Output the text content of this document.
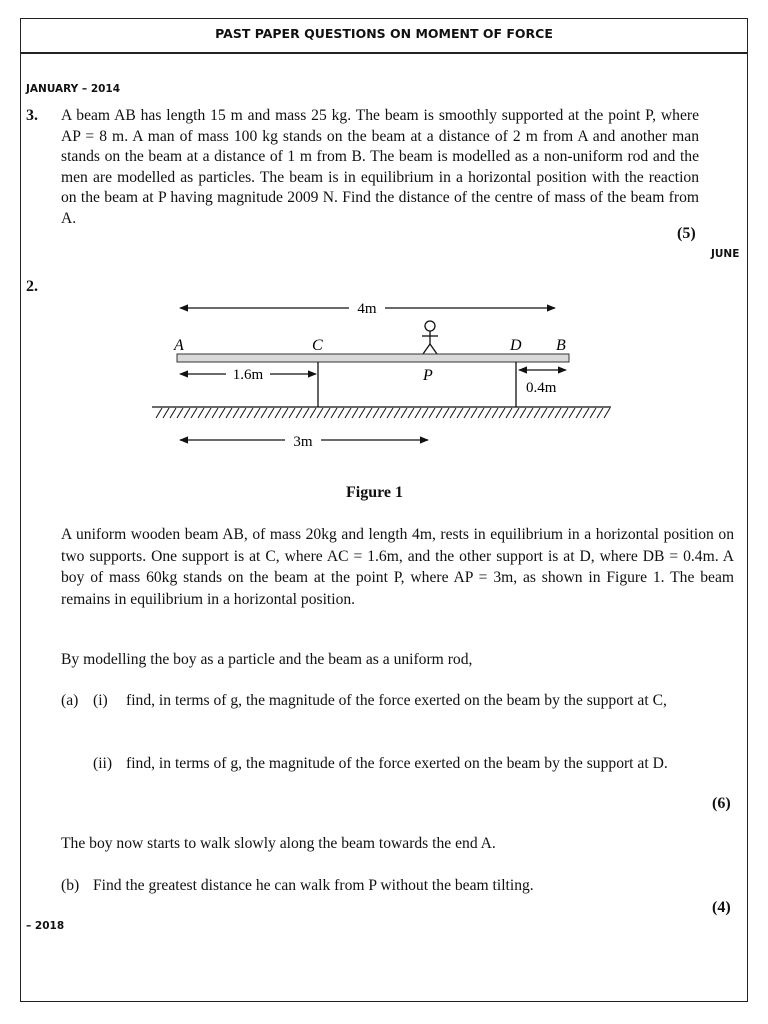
PAST PAPER QUESTIONS ON MOMENT OF FORCE
JANUARY – 2014
3. A beam AB has length 15 m and mass 25 kg. The beam is smoothly supported at the point P, where AP = 8 m. A man of mass 100 kg stands on the beam at a distance of 2 m from A and another man stands on the beam at a distance of 1 m from B. The beam is modelled as a non-uniform rod and the men are modelled as particles. The beam is in equilibrium in a horizontal position with the reaction on the beam at P having magnitude 2009 N. Find the distance of the centre of mass of the beam from A.
(5)
JUNE
2.
4m
A	C	D B
1.6m	P
0.4m
3m
Figure 1
A uniform wooden beam AB, of mass 20kg and length 4m, rests in equilibrium in a horizontal position on two supports. One support is at C, where AC = 1.6m, and the other support is at D, where DB = 0.4m. A boy of mass 60kg stands on the beam at the point P, where AP = 3m, as shown in Figure 1. The beam remains in equilibrium in a horizontal position.
By modelling the boy as a particle and the beam as a uniform rod,
(a) (i) find, in terms of g, the magnitude of the force exerted on the beam by the support at C,
(ii) find, in terms of g, the magnitude of the force exerted on the beam by the support at D.
(6)
The boy now starts to walk slowly along the beam towards the end A.
(b) Find the greatest distance he can walk from P without the beam tilting.
(4)
– 2018
